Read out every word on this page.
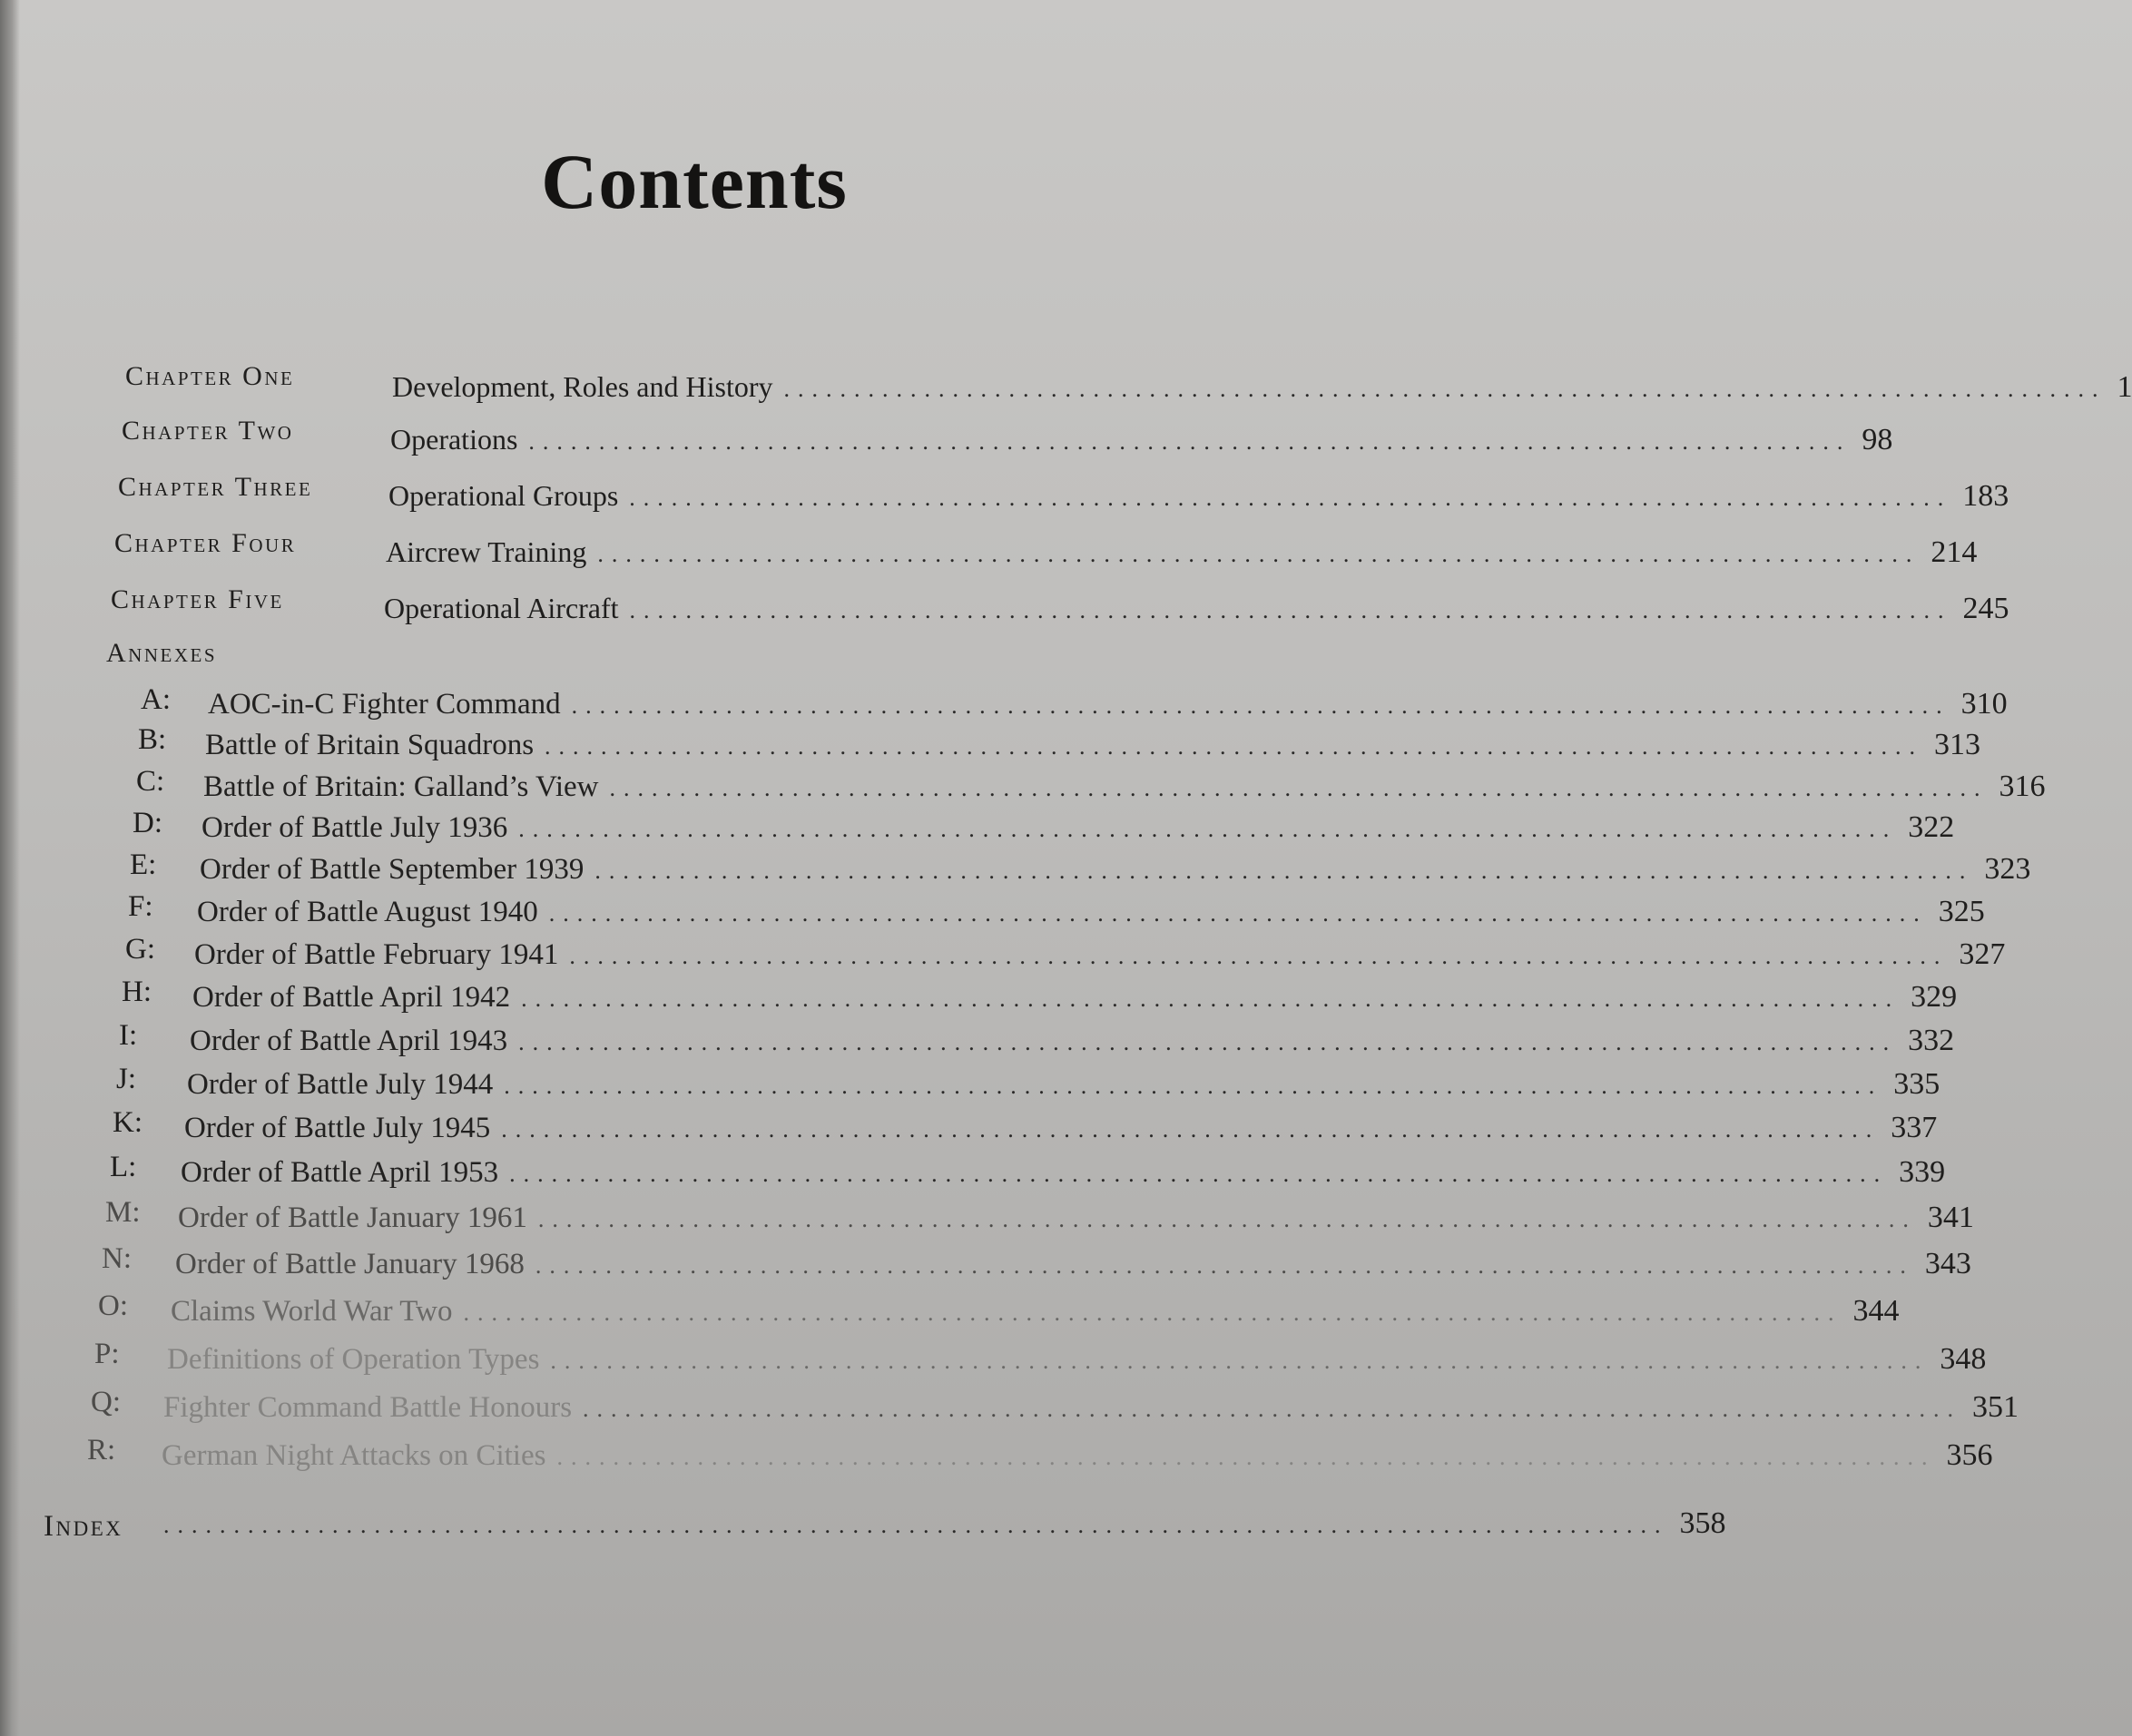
Contents
Chapter One	Development, Roles and History .............................................................................................. 1
Chapter Two	Operations .............................................................................................. 98
Chapter Three	Operational Groups .............................................................................................. 183
Chapter Four	Aircrew Training .............................................................................................. 214
Chapter Five	Operational Aircraft .............................................................................................. 245
Annexes
A: AOC-in-C Fighter Command .................................................................................................. 310
B: Battle of Britain Squadrons .................................................................................................. 313
C: Battle of Britain: Galland’s View .................................................................................................. 316
D: Order of Battle July 1936 .................................................................................................. 322
E: Order of Battle September 1939 .................................................................................................. 323
F: Order of Battle August 1940 .................................................................................................. 325
G: Order of Battle February 1941 .................................................................................................. 327
H: Order of Battle April 1942 .................................................................................................. 329
I: Order of Battle April 1943 .................................................................................................. 332
J: Order of Battle July 1944 .................................................................................................. 335
K: Order of Battle July 1945 .................................................................................................. 337
L: Order of Battle April 1953 .................................................................................................. 339
M: Order of Battle January 1961 .................................................................................................. 341
N: Order of Battle January 1968 .................................................................................................. 343
O: Claims World War Two .................................................................................................. 344
P: Definitions of Operation Types .................................................................................................. 348
Q: Fighter Command Battle Honours .................................................................................................. 351
R: German Night Attacks on Cities .................................................................................................. 356
Index ........................................................................................................... 358
